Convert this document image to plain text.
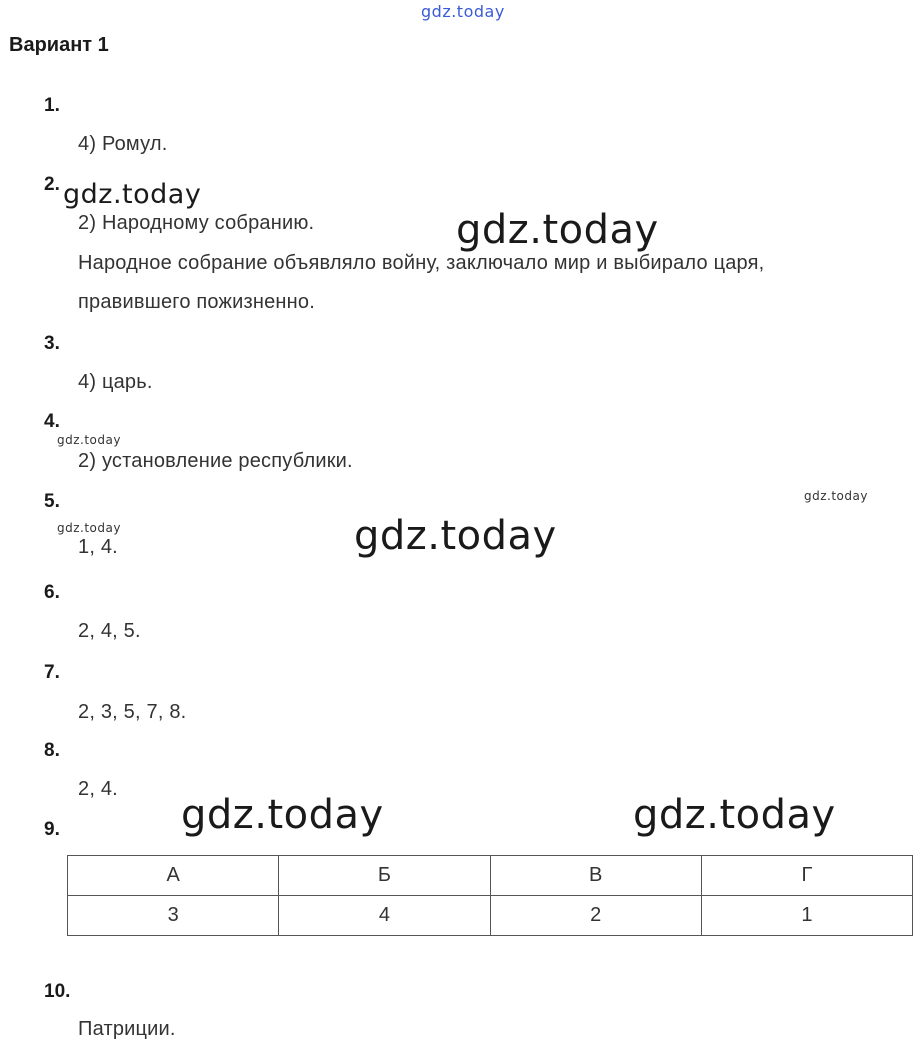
gdz.today
Вариант 1
1.
4) Ромул.
2. gdz.today
2) Народному собранию.	gdz.today
Народное собрание объявляло войну, заключало мир и выбирало царя,
правившего пожизненно.
3.
4) царь.
4.
gdz.today
2) установление республики.
5.	gdz.today
gdz.today	gdz.today
1, 4.
6.
2, 4, 5.
7.
2, 3, 5, 7, 8.
8.
2, 4.
gdz.today	gdz.today
9.
А	Б	В	Г
3	4	2	1
10.
Патриции.
